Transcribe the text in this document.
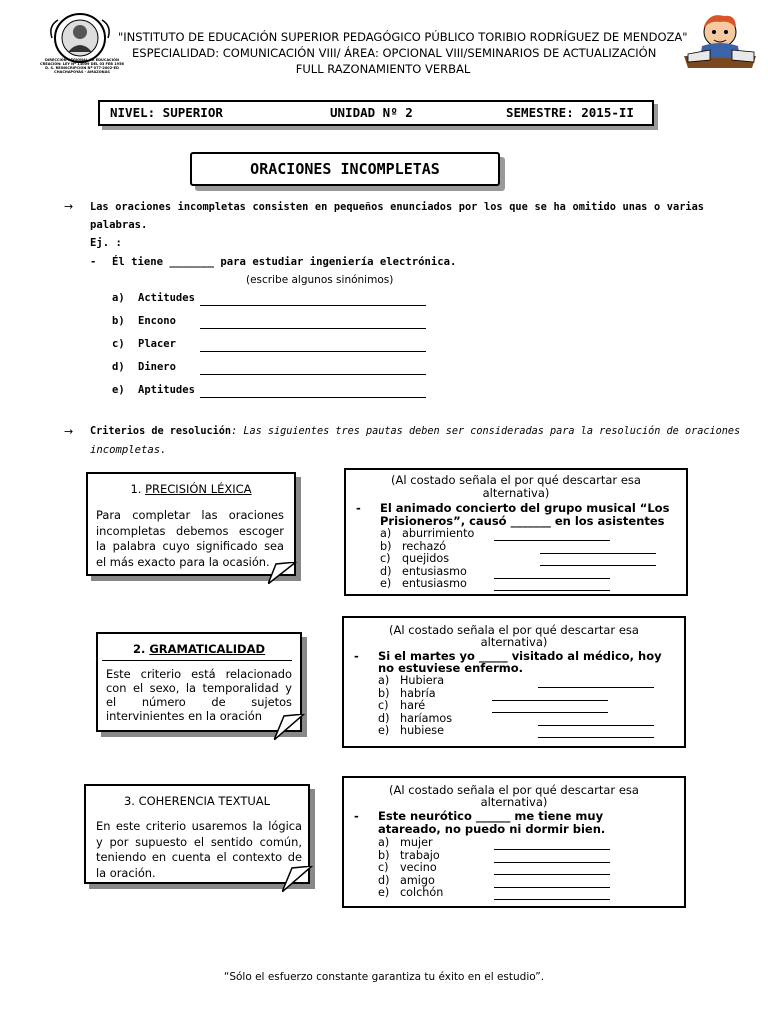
DIRECCIÓN REGIONAL DE EDUCACIÓN CREACIÓN: LEY Nº 13009 DEL 03 FEB 1956 D. S. REINSCRIPCIÓN Nº 077-2002-ED CHACHAPOYAS - AMAZONAS
"INSTITUTO DE EDUCACIÓN SUPERIOR PEDAGÓGICO PÚBLICO TORIBIO RODRÍGUEZ DE MENDOZA"
ESPECIALIDAD: COMUNICACIÓN VIII/ ÁREA: OPCIONAL VIII/SEMINARIOS DE ACTUALIZACIÓN
FULL RAZONAMIENTO VERBAL
NIVEL: SUPERIOR	UNIDAD Nº 2	SEMESTRE: 2015-II
ORACIONES INCOMPLETAS
→ Las oraciones incompletas consisten en pequeños enunciados por los que se ha omitido unas o varias
palabras.
Ej. :
- Él tiene _______ para estudiar ingeniería electrónica.
(escribe algunos sinónimos)
a) Actitudes
b) Encono
c) Placer
d) Dinero
e) Aptitudes
→ Criterios de resolución: Las siguientes tres pautas deben ser consideradas para la resolución de oraciones
incompletas.
1. PRECISIÓN LÉXICA
Para completar las oraciones
incompletas debemos escoger
la palabra cuyo significado sea
el más exacto para la ocasión.
2. GRAMATICALIDAD
Este criterio está relacionado
con el sexo, la temporalidad y
el número de sujetos
intervinientes en la oración
3. COHERENCIA TEXTUAL
En este criterio usaremos la lógica
y por supuesto el sentido común,
teniendo en cuenta el contexto de
la oración.
(Al costado señala el por qué descartar esa
alternativa)
- El animado concierto del grupo musical “Los
Prisioneros”, causó _______ en los asistentes
a) aburrimiento
b) rechazó
c) quejidos
d) entusiasmo
e) entusiasmo
(Al costado señala el por qué descartar esa
alternativa)
- Si el martes yo _____ visitado al médico, hoy
no estuviese enfermo.
a) Hubiera
b) habría
c) haré
d) haríamos
e) hubiese
(Al costado señala el por qué descartar esa
alternativa)
- Este neurótico ______ me tiene muy
atareado, no puedo ni dormir bien.
a) mujer
b) trabajo
c) vecino
d) amigo
e) colchón
“Sólo el esfuerzo constante garantiza tu éxito en el estudio”.
